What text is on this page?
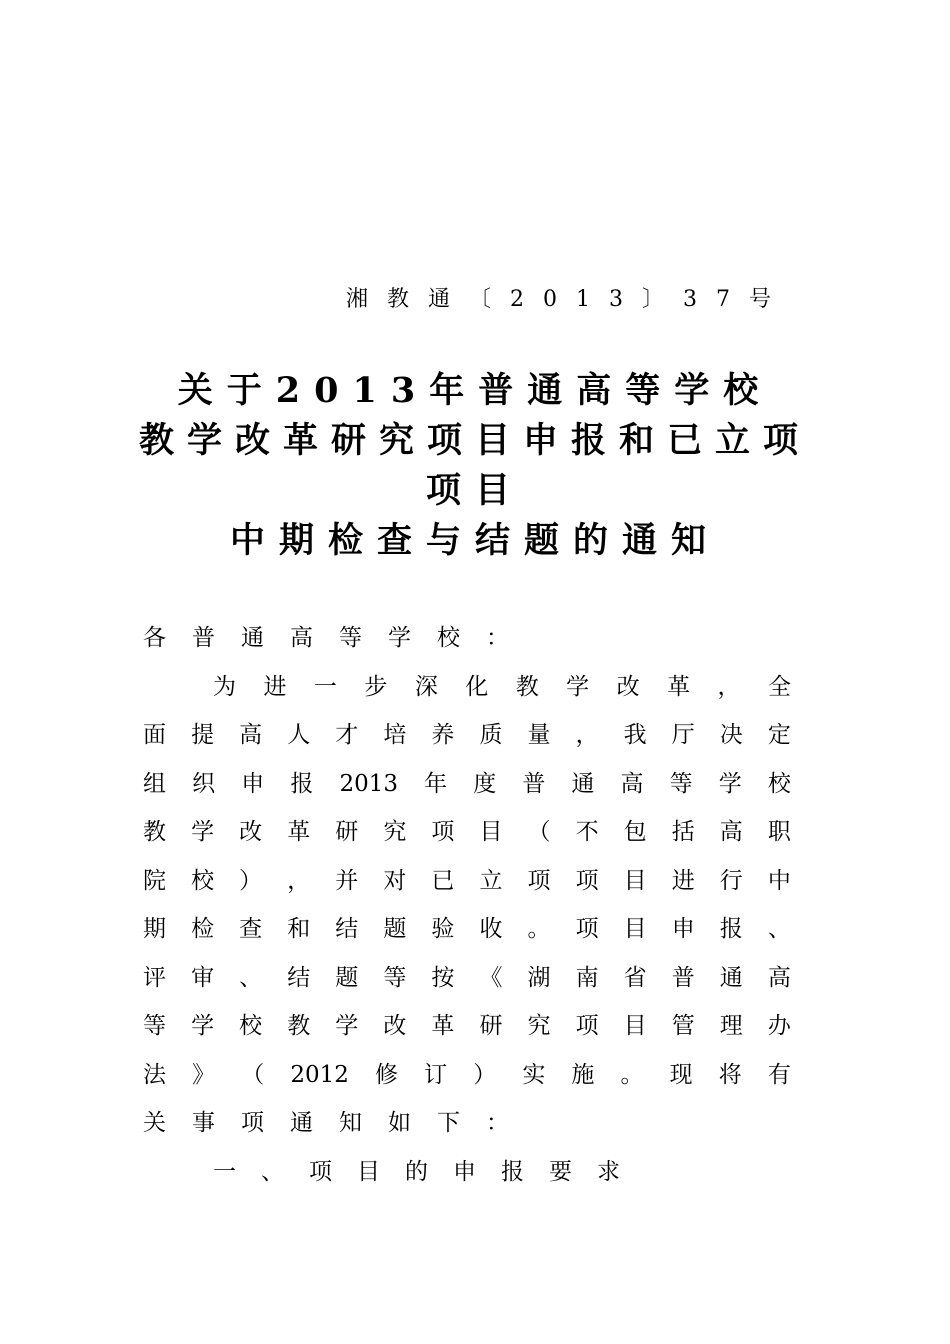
湘教通〔2013〕37号
关于2013年普通高等学校
教学改革研究项目申报和已立项
项目
中期检查与结题的通知
各 普 通 高 等 学 校 ：
为 进 一 步 深 化 教 学 改 革 ， 全
面 提 高 人 才 培 养 质 量 ， 我 厅 决 定
组 织 申 报 2013 年 度 普 通 高 等 学 校
教 学 改 革 研 究 项 目 （ 不 包 括 高 职
院 校 ） ， 并 对 已 立 项 项 目 进 行 中
期 检 查 和 结 题 验 收 。 项 目 申 报 、
评 审 、 结 题 等 按 《 湖 南 省 普 通 高
等 学 校 教 学 改 革 研 究 项 目 管 理 办
法 》 （ 2012 修 订 ） 实 施 。 现 将 有
关 事 项 通 知 如 下 ：
一 、 项 目 的 申 报 要 求
